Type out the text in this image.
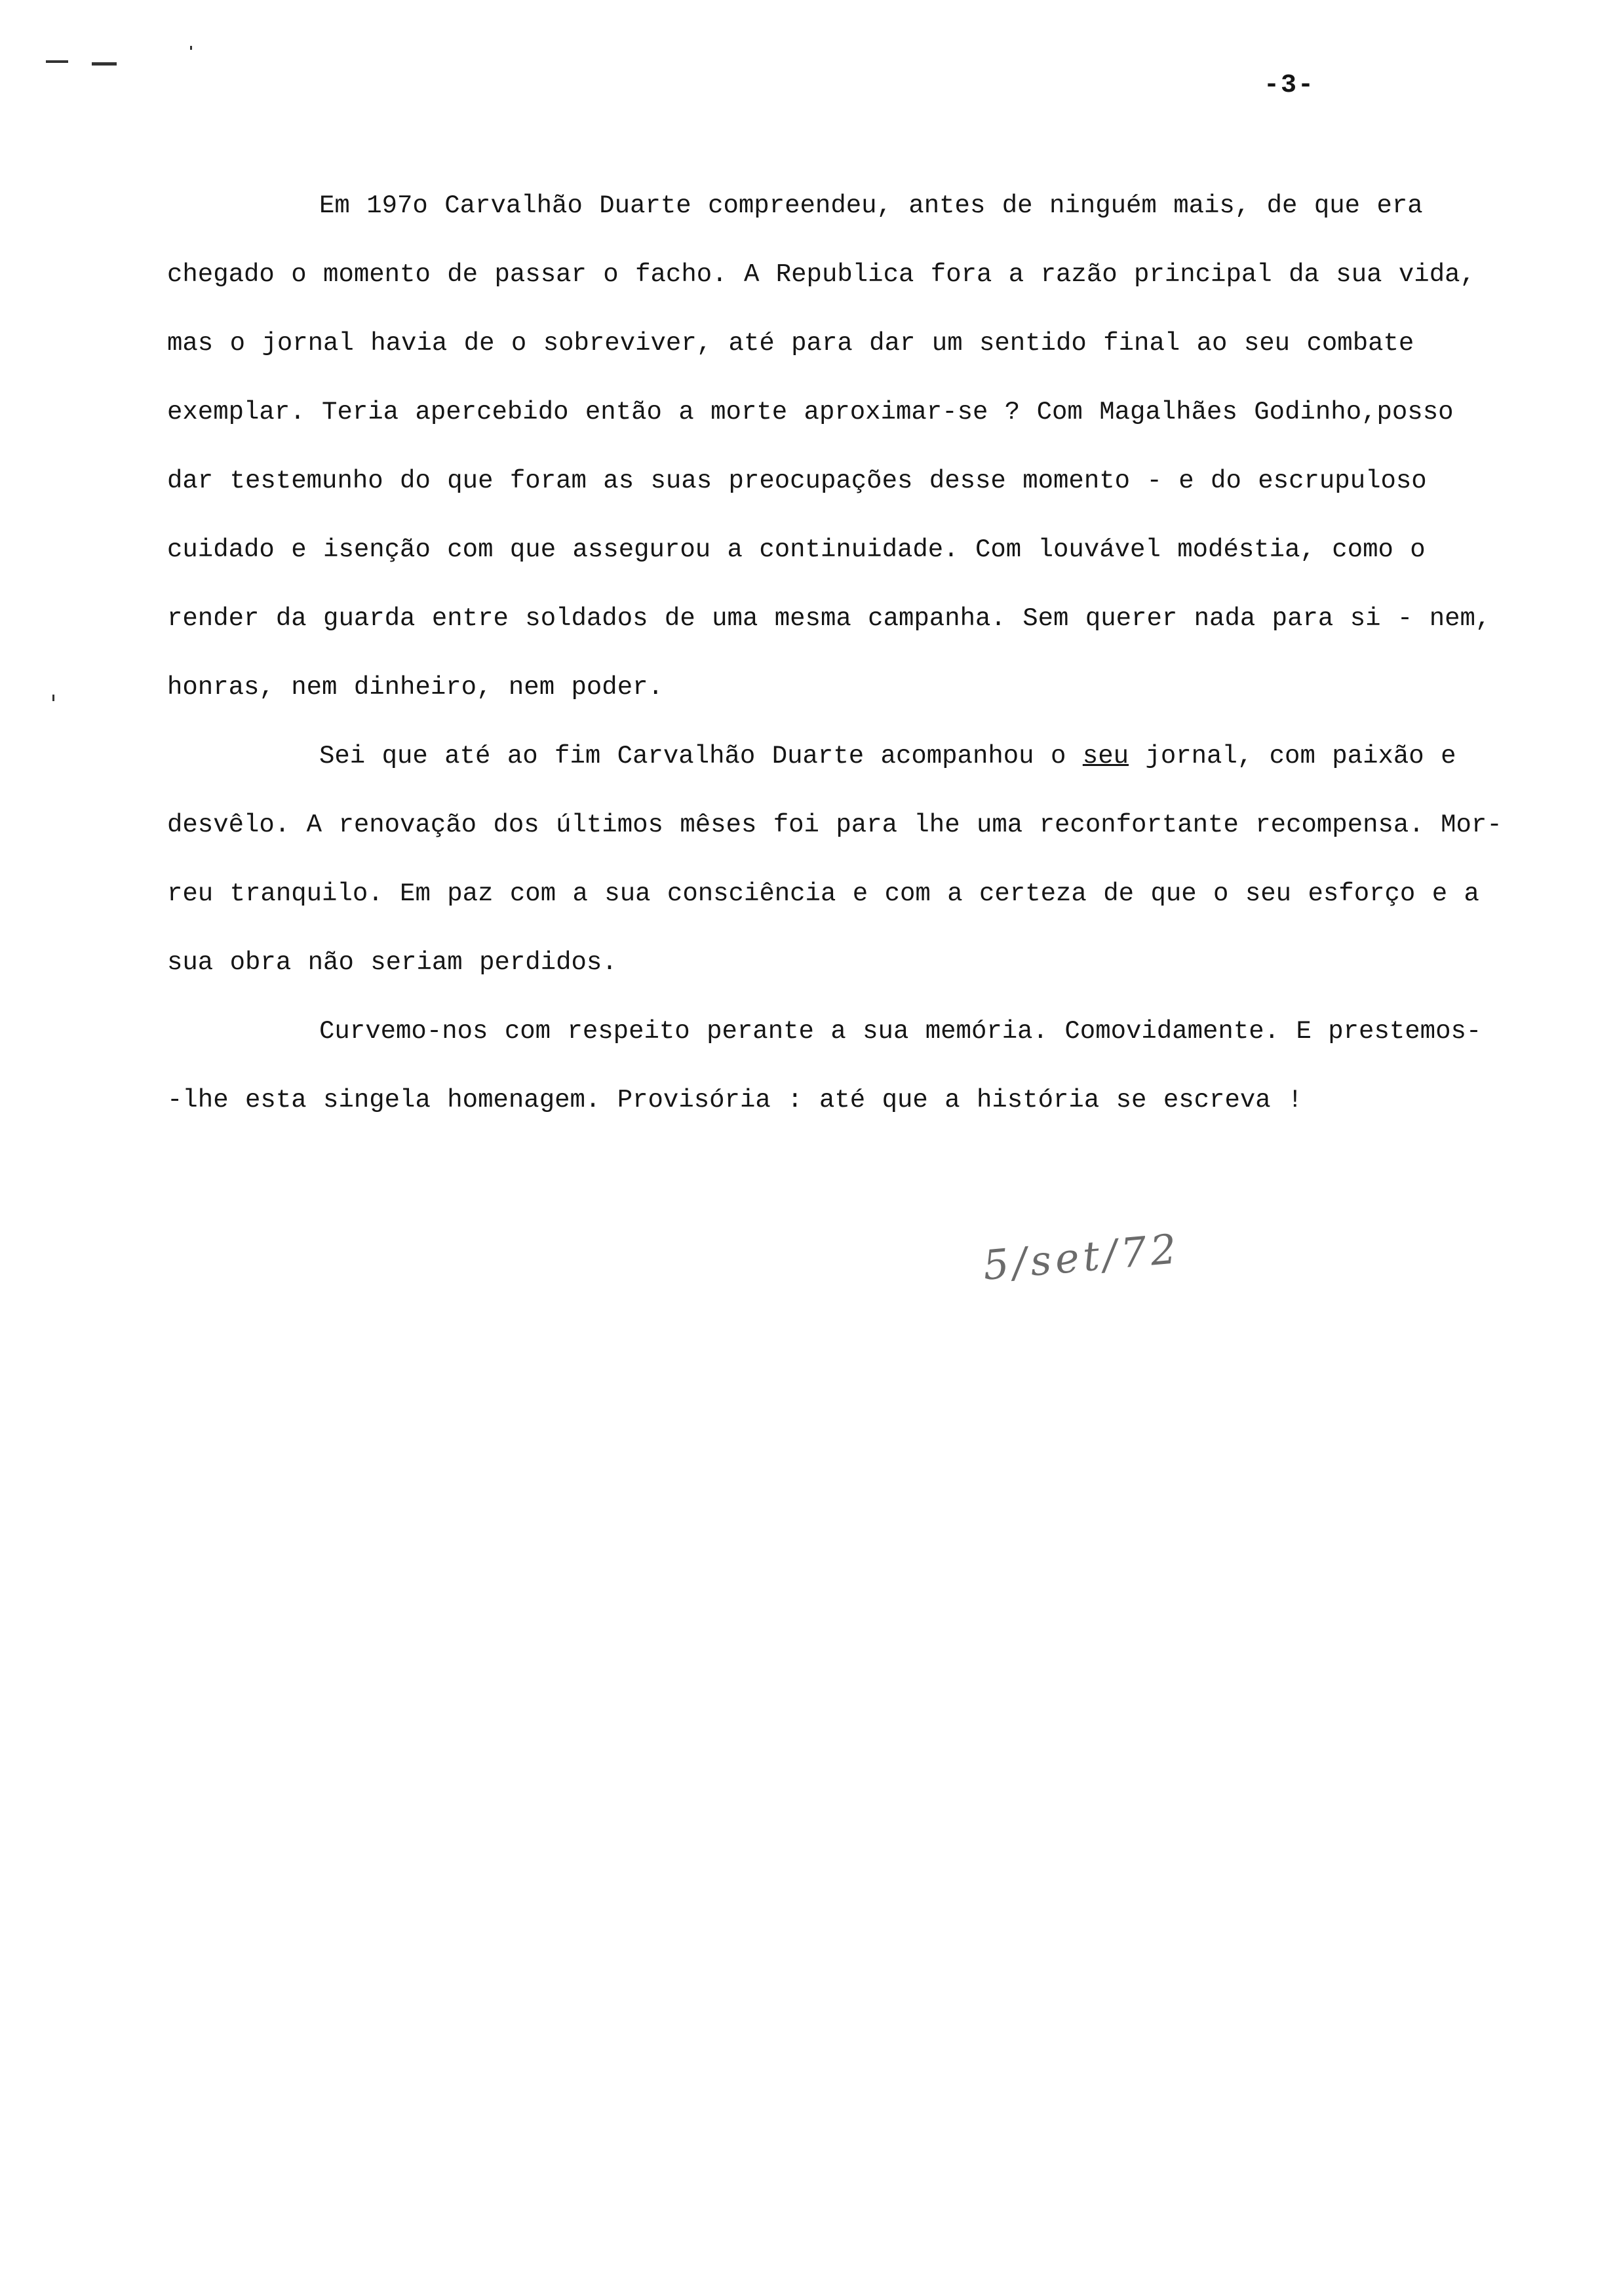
-3-
Em 197o Carvalhão Duarte compreendeu, antes de ninguém mais, de que era
chegado o momento de passar o facho. A Republica fora a razão principal da sua vida,
mas o jornal havia de o sobreviver, até para dar um sentido final ao seu combate
exemplar. Teria apercebido então a morte aproximar-se ? Com Magalhães Godinho,posso
dar testemunho do que foram as suas preocupações desse momento - e do escrupuloso
cuidado e isenção com que assegurou a continuidade. Com louvável modéstia, como o
render da guarda entre soldados de uma mesma campanha. Sem querer nada para si - nem,
honras, nem dinheiro, nem poder.
Sei que até ao fim Carvalhão Duarte acompanhou o seu jornal, com paixão e
desvêlo. A renovação dos últimos mêses foi para lhe uma reconfortante recompensa. Mor-
reu tranquilo. Em paz com a sua consciência e com a certeza de que o seu esforço e a
sua obra não seriam perdidos.
Curvemo-nos com respeito perante a sua memória. Comovidamente. E prestemos-
-lhe esta singela homenagem. Provisória : até que a história se escreva !
5/set/72
